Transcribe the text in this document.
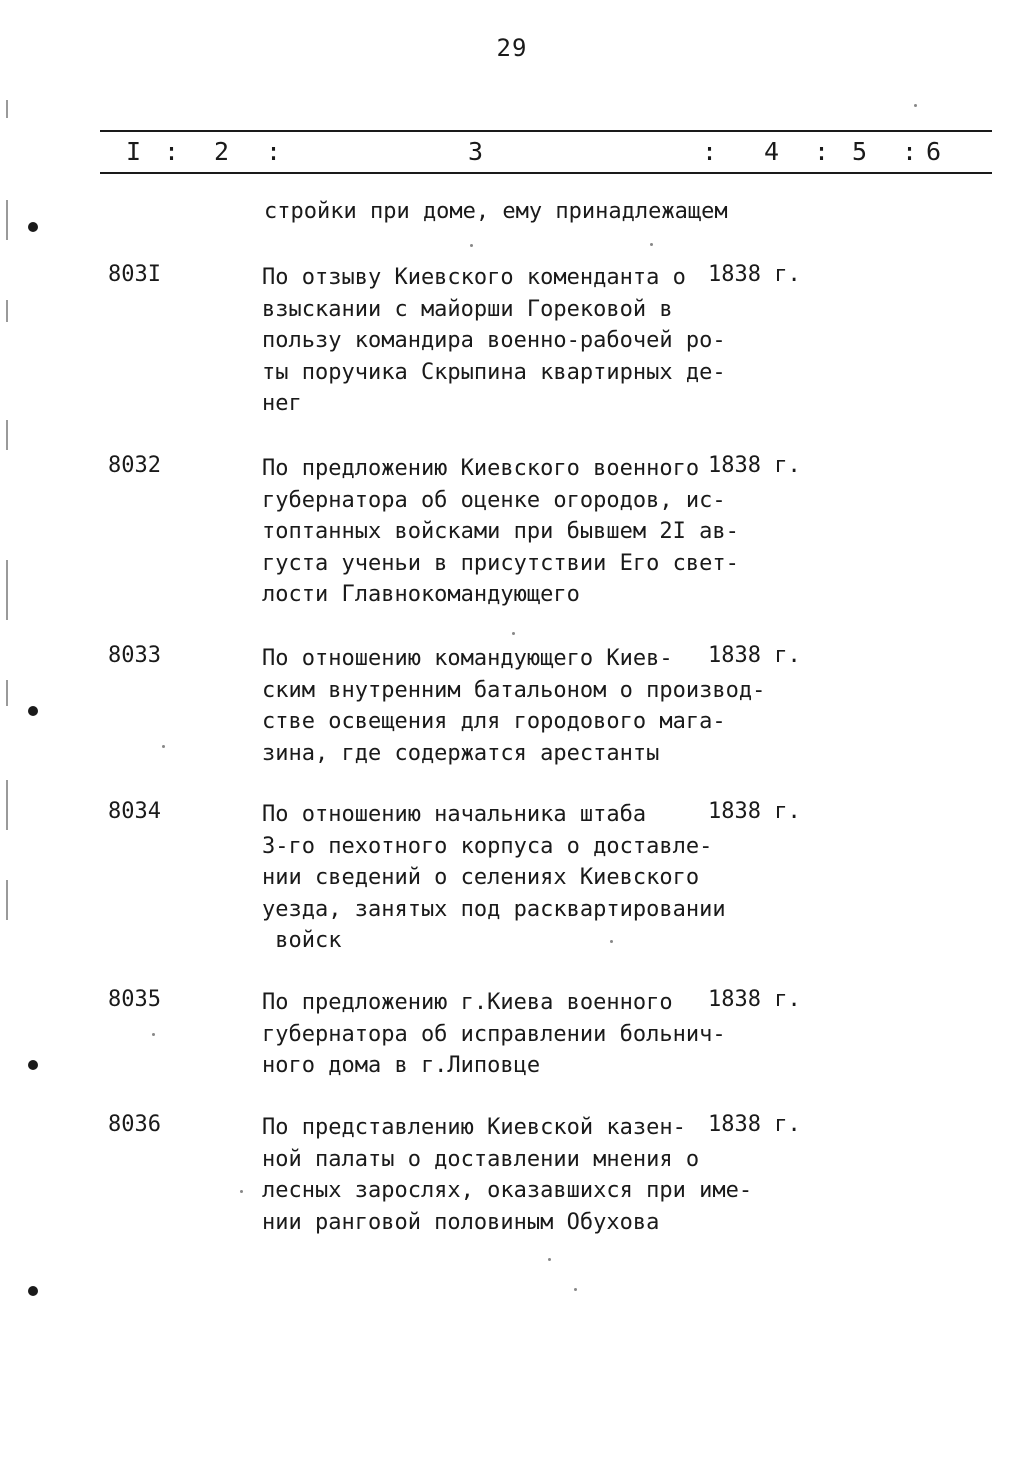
29
I : 2 :	3	: 4 : 5 : 6
стройки при доме, ему принадлежащем
803I	По отзыву Киевского коменданта о
взыскании с майорши Горековой в
пользу командира военно-рабочей ро-
ты поручика Скрыпина квартирных де-
нег
1838 г.
8032	По предложению Киевского военного
губернатора об оценке огородов, ис-
топтанных войсками при бывшем 2I ав-
густа ученьи в присутствии Его свет-
лости Главнокомандующего
1838 г.
8033	По отношению командующего Киев-
ским внутренним батальоном о производ-
стве освещения для городового мага-
зина, где содержатся арестанты
1838 г.
8034	По отношению начальника штаба
3-го пехотного корпуса о доставле-
нии сведений о селениях Киевского
уезда, занятых под расквартировании
войск
1838 г.
8035	По предложению г.Киева военного
губернатора об исправлении больнич-
ного дома в г.Липовце
1838 г.
8036	По представлению Киевской казен-
ной палаты о доставлении мнения о
лесных зарослях, оказавшихся при име-
нии ранговой половиным Обухова
1838 г.
